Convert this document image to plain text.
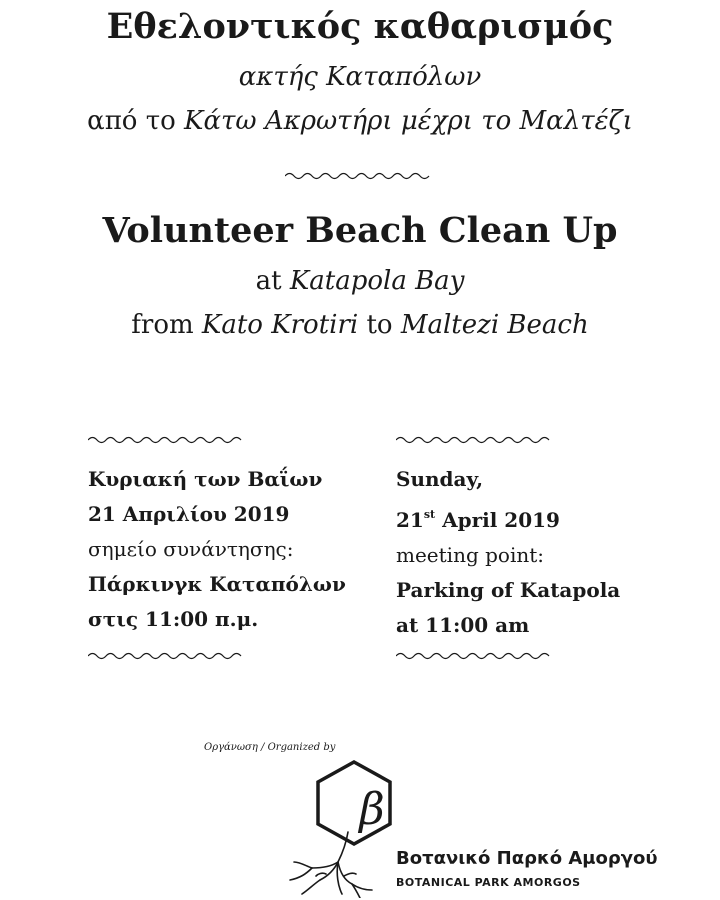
Εθελοντικός καθαρισμός
ακτής Καταπόλων
από το Κάτω Ακρωτήρι μέχρι το Μαλτέζι
Volunteer Beach Clean Up
at Katapola Bay
from Kato Krotiri to Maltezi Beach
Κυριακή των Βαΐων
21 Απριλίου 2019
σημείο συνάντησης:
Πάρκινγκ Καταπόλων
στις 11:00 π.μ.
Sunday,
21st April 2019
meeting point:
Parking of Katapola
at 11:00 am
Οργάνωση / Organized by
β
Βοτανικό Παρκό Αμοργού
BOTANICAL PARK AMORGOS
